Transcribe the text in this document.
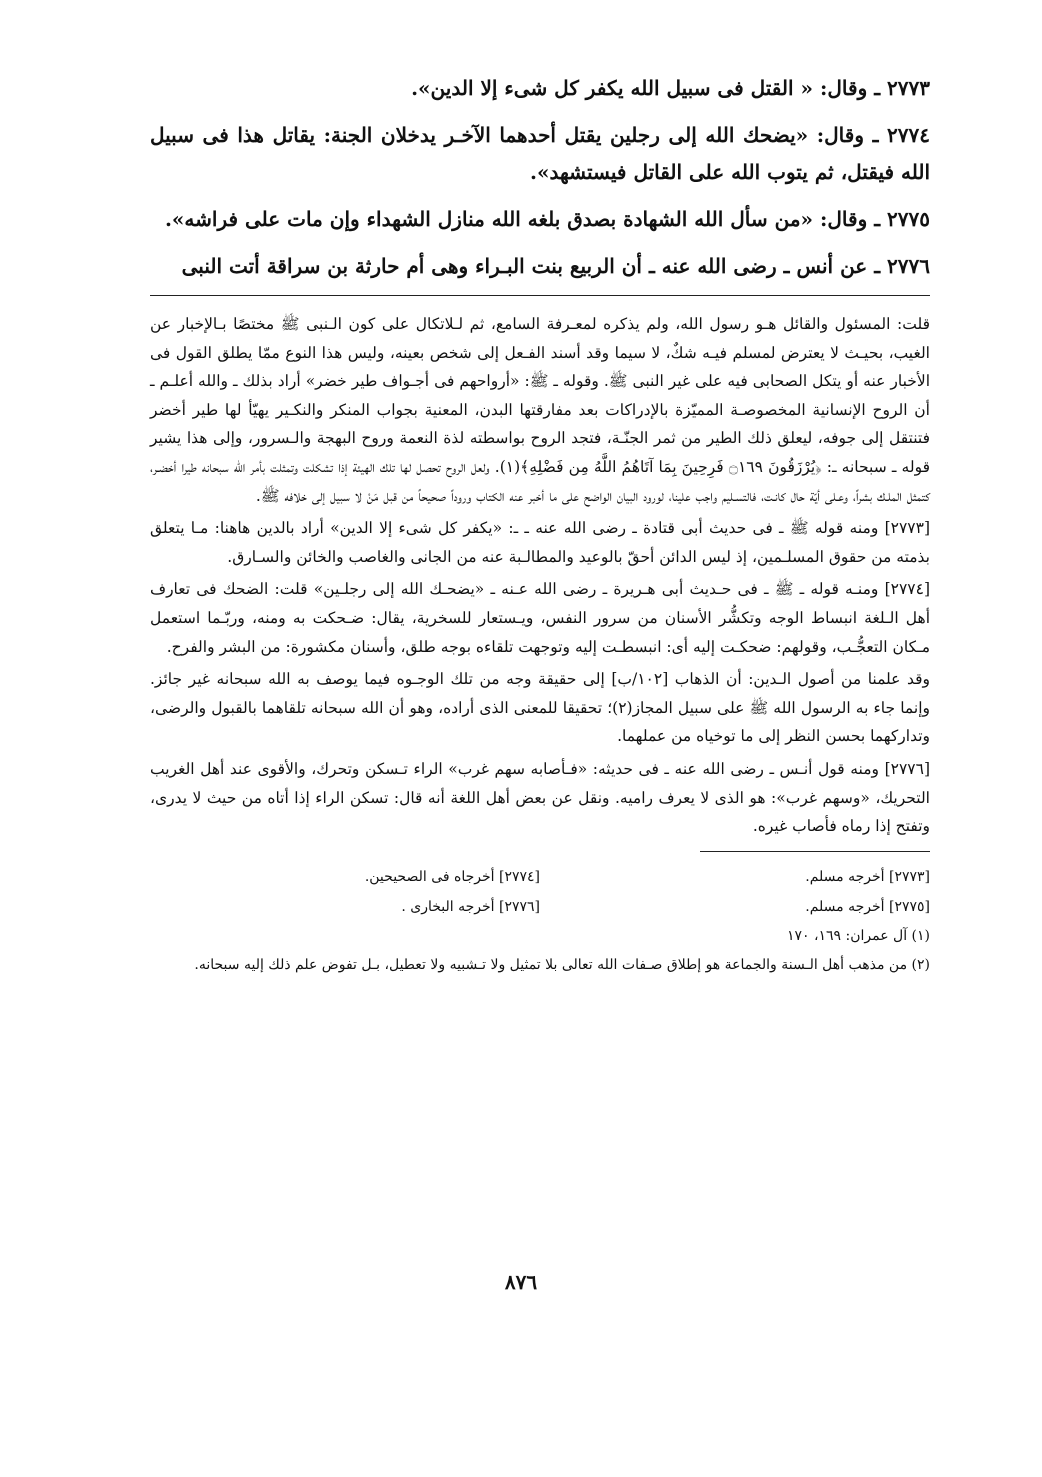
٢٧٧٣ ـ وقال: « القتل فى سبيل الله يكفر كل شىء إلا الدين».

٢٧٧٤ ـ وقال: «يضحك الله إلى رجلين يقتل أحدهما الآخـر يدخلان الجنة: يقاتل هذا فى سبيل الله فيقتل، ثم يتوب الله على القاتل فيستشهد».

٢٧٧٥ ـ وقال: «من سأل الله الشهادة بصدق بلغه الله منازل الشهداء وإن مات على فراشه».

٢٧٧٦ ـ عن أنس ـ رضى الله عنه ـ أن الربيع بنت البـراء وهى أم حارثة بن سراقة أتت النبى

قلت: المسئول والقائل هـو رسول الله، ولم يذكره لمعـرفة السامع، ثم لـلاتكال على كون الـنبى ﷺ مختصًا بـالإخبار عن الغيب، بحيـث لا يعترض لمسلم فيـه شكٌ، لا سيما وقد أسند الفـعل إلى شخص بعينه، وليس هذا النوع ممّا يطلق القول فى الأخبار عنه أو يتكل الصحابى فيه على غير النبى ﷺ. وقوله ـ ﷺ: «أرواحهم فى أجـواف طير خضر» أراد بذلك ـ والله أعلـم ـ أن الروح الإنسانية المخصوصـة المميّزة بالإدراكات بعد مفارقتها البدن، المعنية بجواب المنكر والنكـير يهيّأ لها طير أخضر فتنتقل إلى جوفه، ليعلق ذلك الطير من ثمر الجنّـة، فتجد الروح بواسطته لذة النعمة وروح البهجة والـسرور، وإلى هذا يشير قوله ـ سبحانه ـ: ﴿يُرْزَقُونَ ۝١٦٩ فَرِحِينَ بِمَا آتَاهُمُ اللَّهُ مِن فَضْلِهِ﴾(١). ولعل الروح تحصل لها تلك الهيئة إذا تشكلت وتمثلت بأمر الله سبحانه طيرا أخضـر، كتمثل الملـك بشراً، وعـلى أيّة حال كانـت، فالتسـليم واجب علينا، لورود البيان الواضح على ما أخبر عنه الكتاب وروداً صحيحاً من قبل مَنْ لا سبيل إلى خلافه ﷺ.

[٢٧٧٣] ومنه قوله ﷺ ـ فى حديث أبى قتادة ـ رضى الله عنه ـ ـ: «يكفر كل شىء إلا الدين» أراد بالدين هاهنا: مـا يتعلق بذمته من حقوق المسلـمين، إذ ليس الدائن أحقّ بالوعيد والمطالـبة عنه من الجانى والغاصب والخائن والسـارق.

[٢٧٧٤] ومنـه قوله ـ ﷺ ـ فى حـديث أبى هـريرة ـ رضى الله عـنه ـ «يضحـك الله إلى رجلـين» قلت: الضحك فى تعارف أهل الـلغة انبساط الوجه وتكشُّر الأسنان من سرور النفس، ويـستعار للسخرية، يقال: ضـحكت به ومنه، وربّـما استعمل مـكان التعجُّـب، وقولهم: ضحكـت إليه أى: انبسطـت إليه وتوجهت تلقاءه بوجه طلق، وأسنان مكشورة: من البشر والفرح.

وقد علمنا من أصول الـدين: أن الذهاب [١٠٢/ب] إلى حقيقة وجه من تلك الوجـوه فيما يوصف به الله سبحانه غير جائز. وإنما جاء به الرسول الله ﷺ على سبيل المجاز(٢)؛ تحقيقا للمعنى الذى أراده، وهو أن الله سبحانه تلقاهما بالقبول والرضى، وتداركهما بحسن النظر إلى ما توخياه من عملهما.

[٢٧٧٦] ومنه قول أنـس ـ رضى الله عنه ـ فى حديثه: «فـأصابه سهم غرب» الراء تـسكن وتحرك، والأقوى عند أهل الغريب التحريك، «وسهم غرب»: هو الذى لا يعرف راميه. ونقل عن بعض أهل اللغة أنه قال: تسكن الراء إذا أتاه من حيث لا يدرى، وتفتح إذا رماه فأصاب غيره.

[٢٧٧٣] أخرجه مسلم.
[٢٧٧٥] أخرجه مسلم.
[٢٧٧٤] أخرجاه فى الصحيحين.
[٢٧٧٦] أخرجه البخارى .

(١) آل عمران: ١٦٩، ١٧٠

(٢) من مذهب أهل الـسنة والجماعة هو إطلاق صـفات الله تعالى بلا تمثيل ولا تـشبيه ولا تعطيل، بـل تفوض علم ذلك إليه سبحانه.

٨٧٦
